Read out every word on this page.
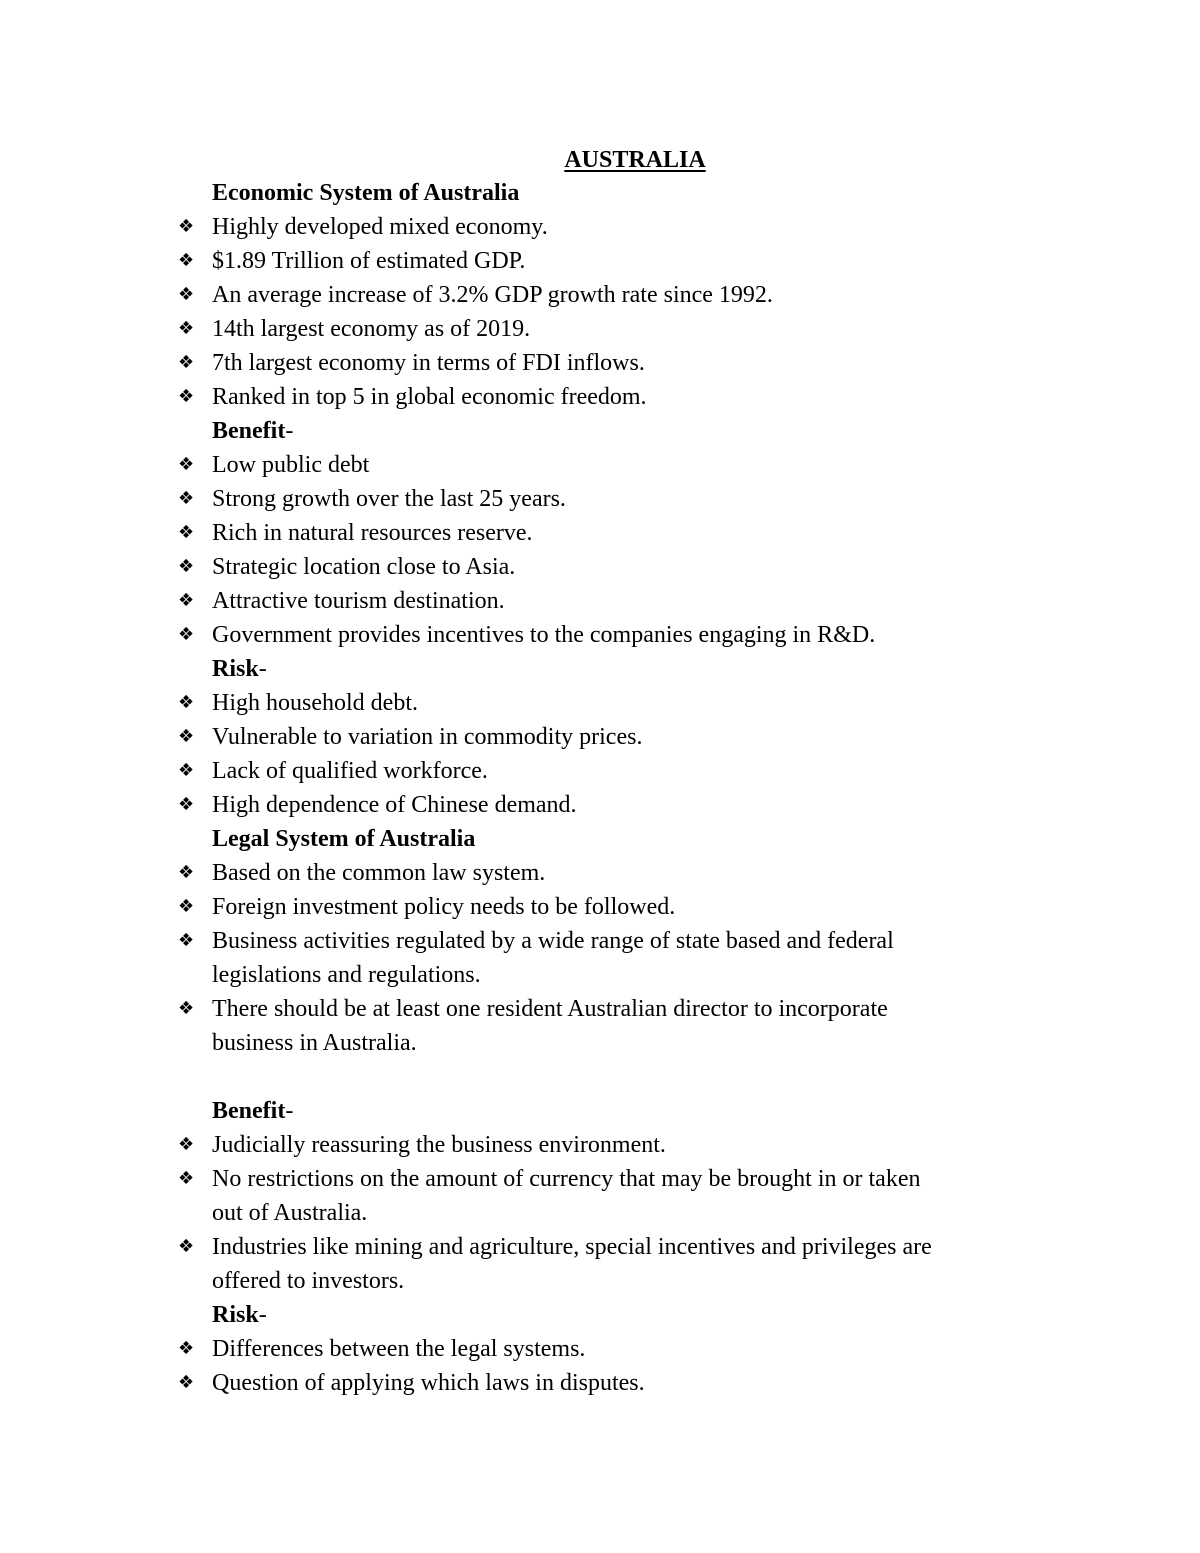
AUSTRALIA
Economic System of Australia
❖ Highly developed mixed economy.
❖ $1.89 Trillion of estimated GDP.
❖ An average increase of 3.2% GDP growth rate since 1992.
❖ 14th largest economy as of 2019.
❖ 7th largest economy in terms of FDI inflows.
❖ Ranked in top 5 in global economic freedom.
Benefit-
❖ Low public debt
❖ Strong growth over the last 25 years.
❖ Rich in natural resources reserve.
❖ Strategic location close to Asia.
❖ Attractive tourism destination.
❖ Government provides incentives to the companies engaging in R&D.
Risk-
❖ High household debt.
❖ Vulnerable to variation in commodity prices.
❖ Lack of qualified workforce.
❖ High dependence of Chinese demand.
Legal System of Australia
❖ Based on the common law system.
❖ Foreign investment policy needs to be followed.
❖ Business activities regulated by a wide range of state based and federal
legislations and regulations.
❖ There should be at least one resident Australian director to incorporate
business in Australia.
Benefit-
❖ Judicially reassuring the business environment.
❖ No restrictions on the amount of currency that may be brought in or taken
out of Australia.
❖ Industries like mining and agriculture, special incentives and privileges are
offered to investors.
Risk-
❖ Differences between the legal systems.
❖ Question of applying which laws in disputes.
